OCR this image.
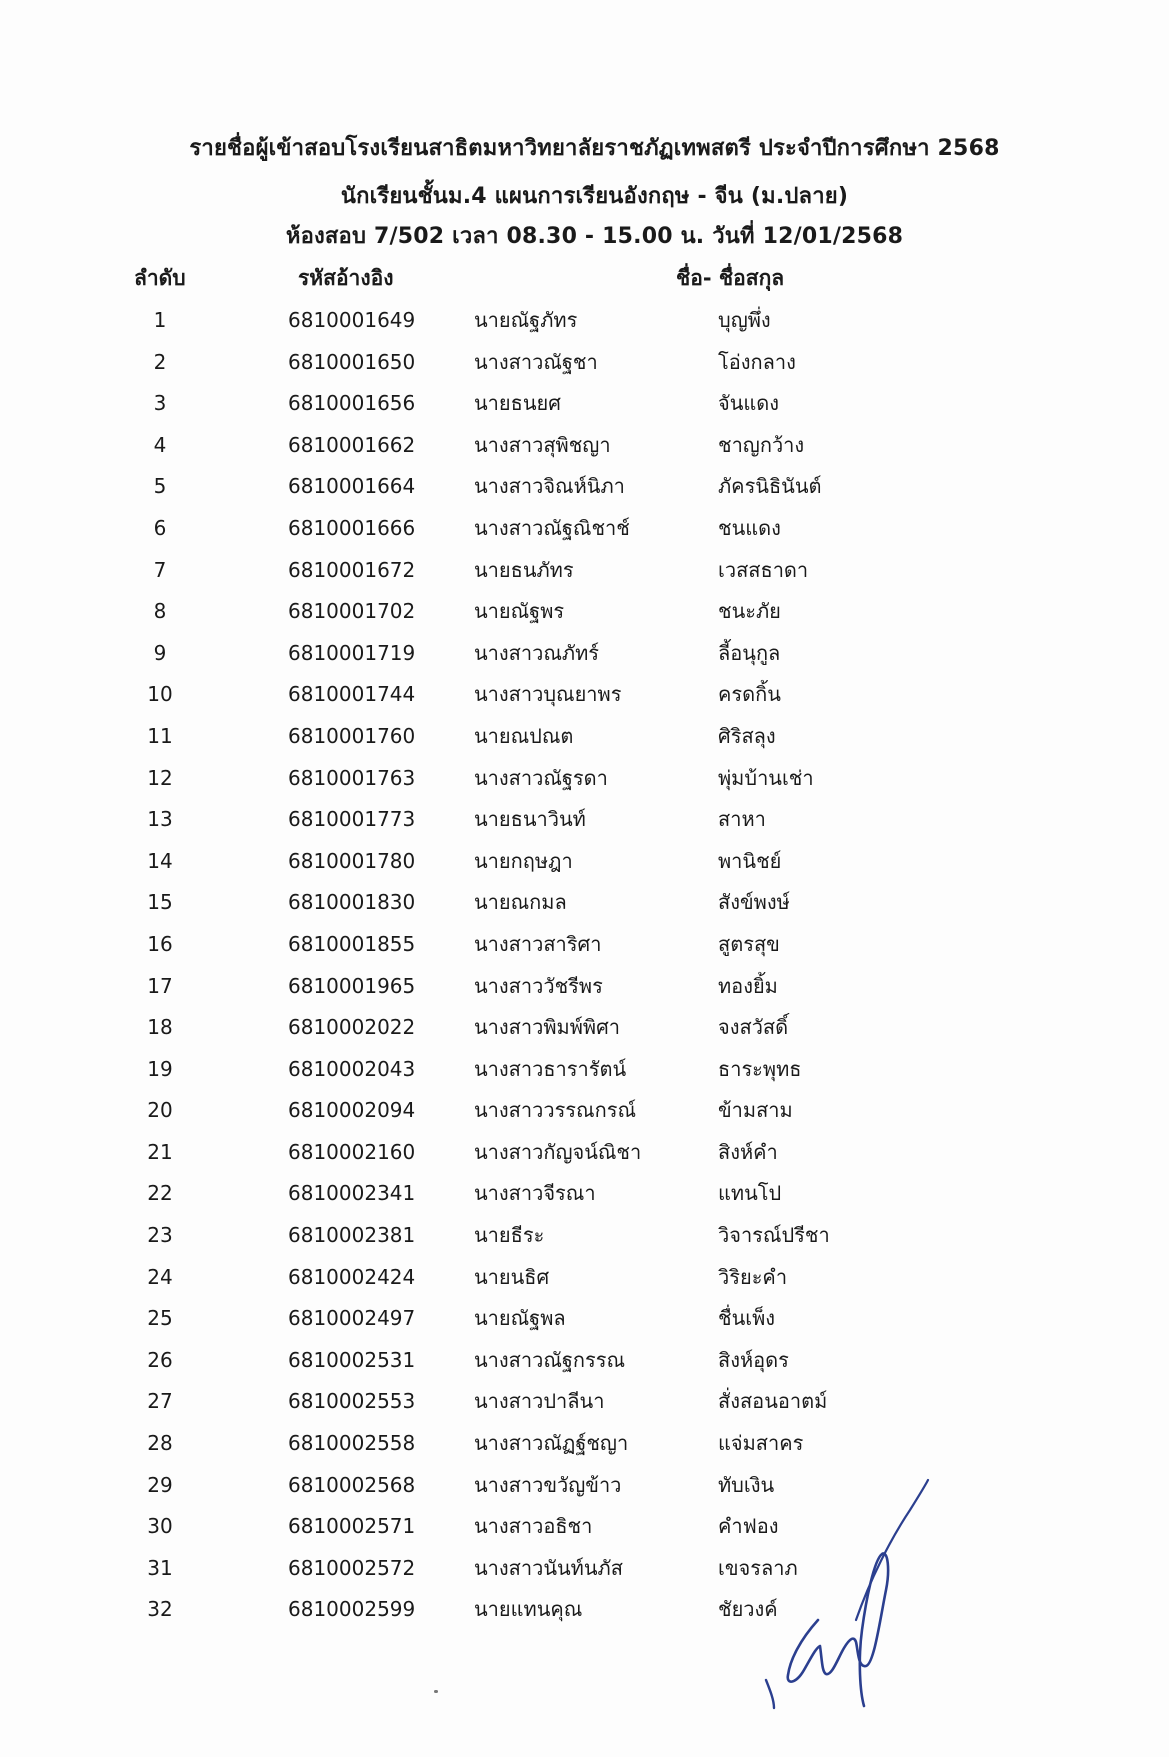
รายชื่อผู้เข้าสอบโรงเรียนสาธิตมหาวิทยาลัยราชภัฏเทพสตรี ประจำปีการศึกษา 2568
นักเรียนชั้นม.4 แผนการเรียนอังกฤษ - จีน (ม.ปลาย)
ห้องสอบ 7/502 เวลา 08.30 - 15.00 น. วันที่ 12/01/2568
ลำดับ	รหัสอ้างอิง	ชื่อ- ชื่อสกุล
1	6810001649	นายณัฐภัทร	บุญพึ่ง
2	6810001650	นางสาวณัฐชา	โอ่งกลาง
3	6810001656	นายธนยศ	จันแดง
4	6810001662	นางสาวสุพิชญา	ชาญกว้าง
5	6810001664	นางสาวจิณห์นิภา	ภัครนิธินันต์
6	6810001666	นางสาวณัฐณิชาช์	ชนแดง
7	6810001672	นายธนภัทร	เวสสธาดา
8	6810001702	นายณัฐพร	ชนะภัย
9	6810001719	นางสาวณภัทร์	ลี้อนุกูล
10	6810001744	นางสาวบุณยาพร	ครดกิ้น
11	6810001760	นายณปณต	ศิริสลุง
12	6810001763	นางสาวณัฐรดา	พุ่มบ้านเช่า
13	6810001773	นายธนาวินท์	สาหา
14	6810001780	นายกฤษฎา	พานิชย์
15	6810001830	นายณกมล	สังข์พงษ์
16	6810001855	นางสาวสาริศา	สูตรสุข
17	6810001965	นางสาววัชรีพร	ทองยิ้ม
18	6810002022	นางสาวพิมพ์พิศา	จงสวัสดิ์
19	6810002043	นางสาวธารารัตน์	ธาระพุทธ
20	6810002094	นางสาววรรณกรณ์	ข้ามสาม
21	6810002160	นางสาวกัญจน์ณิชา	สิงห์คำ
22	6810002341	นางสาวจีรณา	แทนโป
23	6810002381	นายธีระ	วิจารณ์ปรีชา
24	6810002424	นายนธิศ	วิริยะคำ
25	6810002497	นายณัฐพล	ชื่นเพ็ง
26	6810002531	นางสาวณัฐกรรณ	สิงห์อุดร
27	6810002553	นางสาวปาลีนา	สั่งสอนอาตม์
28	6810002558	นางสาวณัฏฐ์ชญา	แจ่มสาคร
29	6810002568	นางสาวขวัญข้าว	ทับเงิน
30	6810002571	นางสาวอธิชา	คำฟอง
31	6810002572	นางสาวนันท์นภัส	เขจรลาภ
32	6810002599	นายแทนคุณ	ชัยวงค์
